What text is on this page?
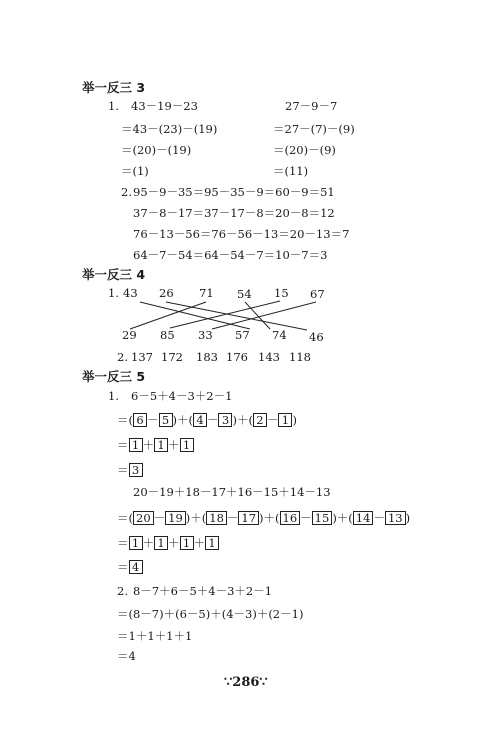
举一反三 3
1. 43－19－23
＝43－(23)－(19)
＝(20)－(19)
＝(1)
27－9－7
＝27－(7)－(9)
＝(20)－(9)
＝(11)
2. 95－9－35＝95－35－9＝60－9＝51
37－8－17＝37－17－8＝20－8＝12
76－13－56＝76－56－13＝20－13＝7
64－7－54＝64－54－7＝10－7＝3
举一反三 4
1. 43 26 71 54 15 67
29 85 33 57 74 46
2. 137 172 183 176 143 118
举一反三 5
1. 6－5＋4－3＋2－1
＝( 6 － 5 )＋( 4 － 3 )＋( 2 － 1 )
＝ 1 ＋ 1 ＋ 1
＝ 3
20－19＋18－17＋16－15＋14－13
＝( 20 － 19 )＋( 18 － 17 )＋( 16 － 15 )＋( 14 － 13 )
＝ 1 ＋ 1 ＋ 1 ＋ 1
＝ 4
2. 8－7＋6－5＋4－3＋2－1
＝(8－7)＋(6－5)＋(4－3)＋(2－1)
＝1＋1＋1＋1
＝4
∵286∵
